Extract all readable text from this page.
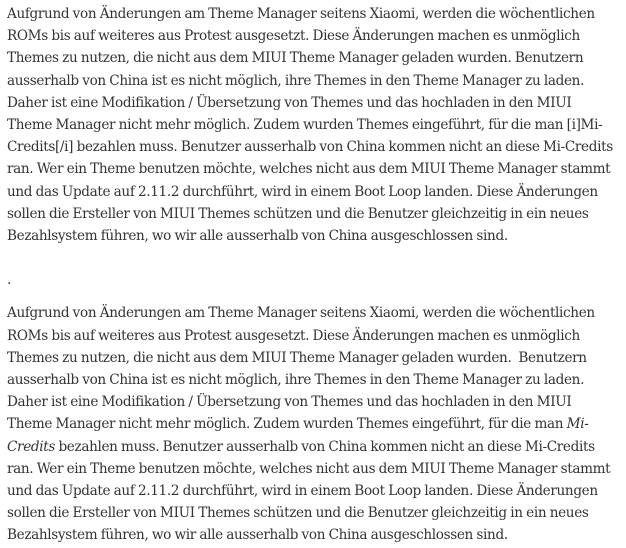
Aufgrund von Änderungen am Theme Manager seitens Xiaomi, werden die wöchentlichen ROMs bis auf weiteres aus Protest ausgesetzt. Diese Änderungen machen es unmöglich Themes zu nutzen, die nicht aus dem MIUI Theme Manager geladen wurden. Benutzern ausserhalb von China ist es nicht möglich, ihre Themes in den Theme Manager zu laden. Daher ist eine Modifikation / Übersetzung von Themes und das hochladen in den MIUI Theme Manager nicht mehr möglich. Zudem wurden Themes eingeführt, für die man [i]Mi-Credits[/i] bezahlen muss. Benutzer ausserhalb von China kommen nicht an diese Mi-Credits ran. Wer ein Theme benutzen möchte, welches nicht aus dem MIUI Theme Manager stammt und das Update auf 2.11.2 durchführt, wird in einem Boot Loop landen. Diese Änderungen sollen die Ersteller von MIUI Themes schützen und die Benutzer gleichzeitig in ein neues Bezahlsystem führen, wo wir alle ausserhalb von China ausgeschlossen sind.

.

Aufgrund von Änderungen am Theme Manager seitens Xiaomi, werden die wöchentlichen ROMs bis auf weiteres aus Protest ausgesetzt. Diese Änderungen machen es unmöglich Themes zu nutzen, die nicht aus dem MIUI Theme Manager geladen wurden.  Benutzern ausserhalb von China ist es nicht möglich, ihre Themes in den Theme Manager zu laden. Daher ist eine Modifikation / Übersetzung von Themes und das hochladen in den MIUI Theme Manager nicht mehr möglich. Zudem wurden Themes eingeführt, für die man Mi-Credits bezahlen muss. Benutzer ausserhalb von China kommen nicht an diese Mi-Credits ran. Wer ein Theme benutzen möchte, welches nicht aus dem MIUI Theme Manager stammt und das Update auf 2.11.2 durchführt, wird in einem Boot Loop landen. Diese Änderungen sollen die Ersteller von MIUI Themes schützen und die Benutzer gleichzeitig in ein neues Bezahlsystem führen, wo wir alle ausserhalb von China ausgeschlossen sind.
